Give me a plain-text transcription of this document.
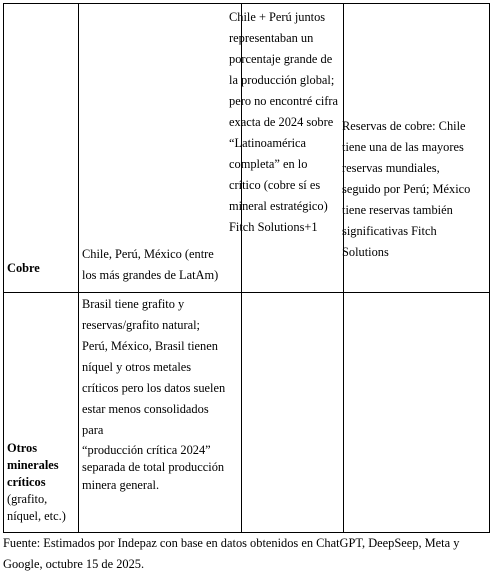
Cobre
Chile, Perú, México (entre
los más grandes de LatAm)
Chile + Perú juntos
representaban un
porcentaje grande de
la producción global;
pero no encontré cifra
exacta de 2024 sobre
“Latinoamérica
completa” en lo
crítico (cobre sí es
mineral estratégico)
Fitch Solutions+1
Reservas de cobre: Chile
tiene una de las mayores
reservas mundiales,
seguido por Perú; México
tiene reservas también
significativas Fitch
Solutions
Otros
minerales
críticos
(grafito,
níquel, etc.)
Brasil tiene grafito y
reservas/grafito natural;
Perú, México, Brasil tienen
níquel y otros metales
críticos pero los datos suelen
estar menos consolidados
para
“producción crítica 2024”
separada de total producción
minera general.
Fuente: Estimados por Indepaz con base en datos obtenidos en ChatGPT, DeepSeep, Meta y
Google, octubre 15 de 2025.
